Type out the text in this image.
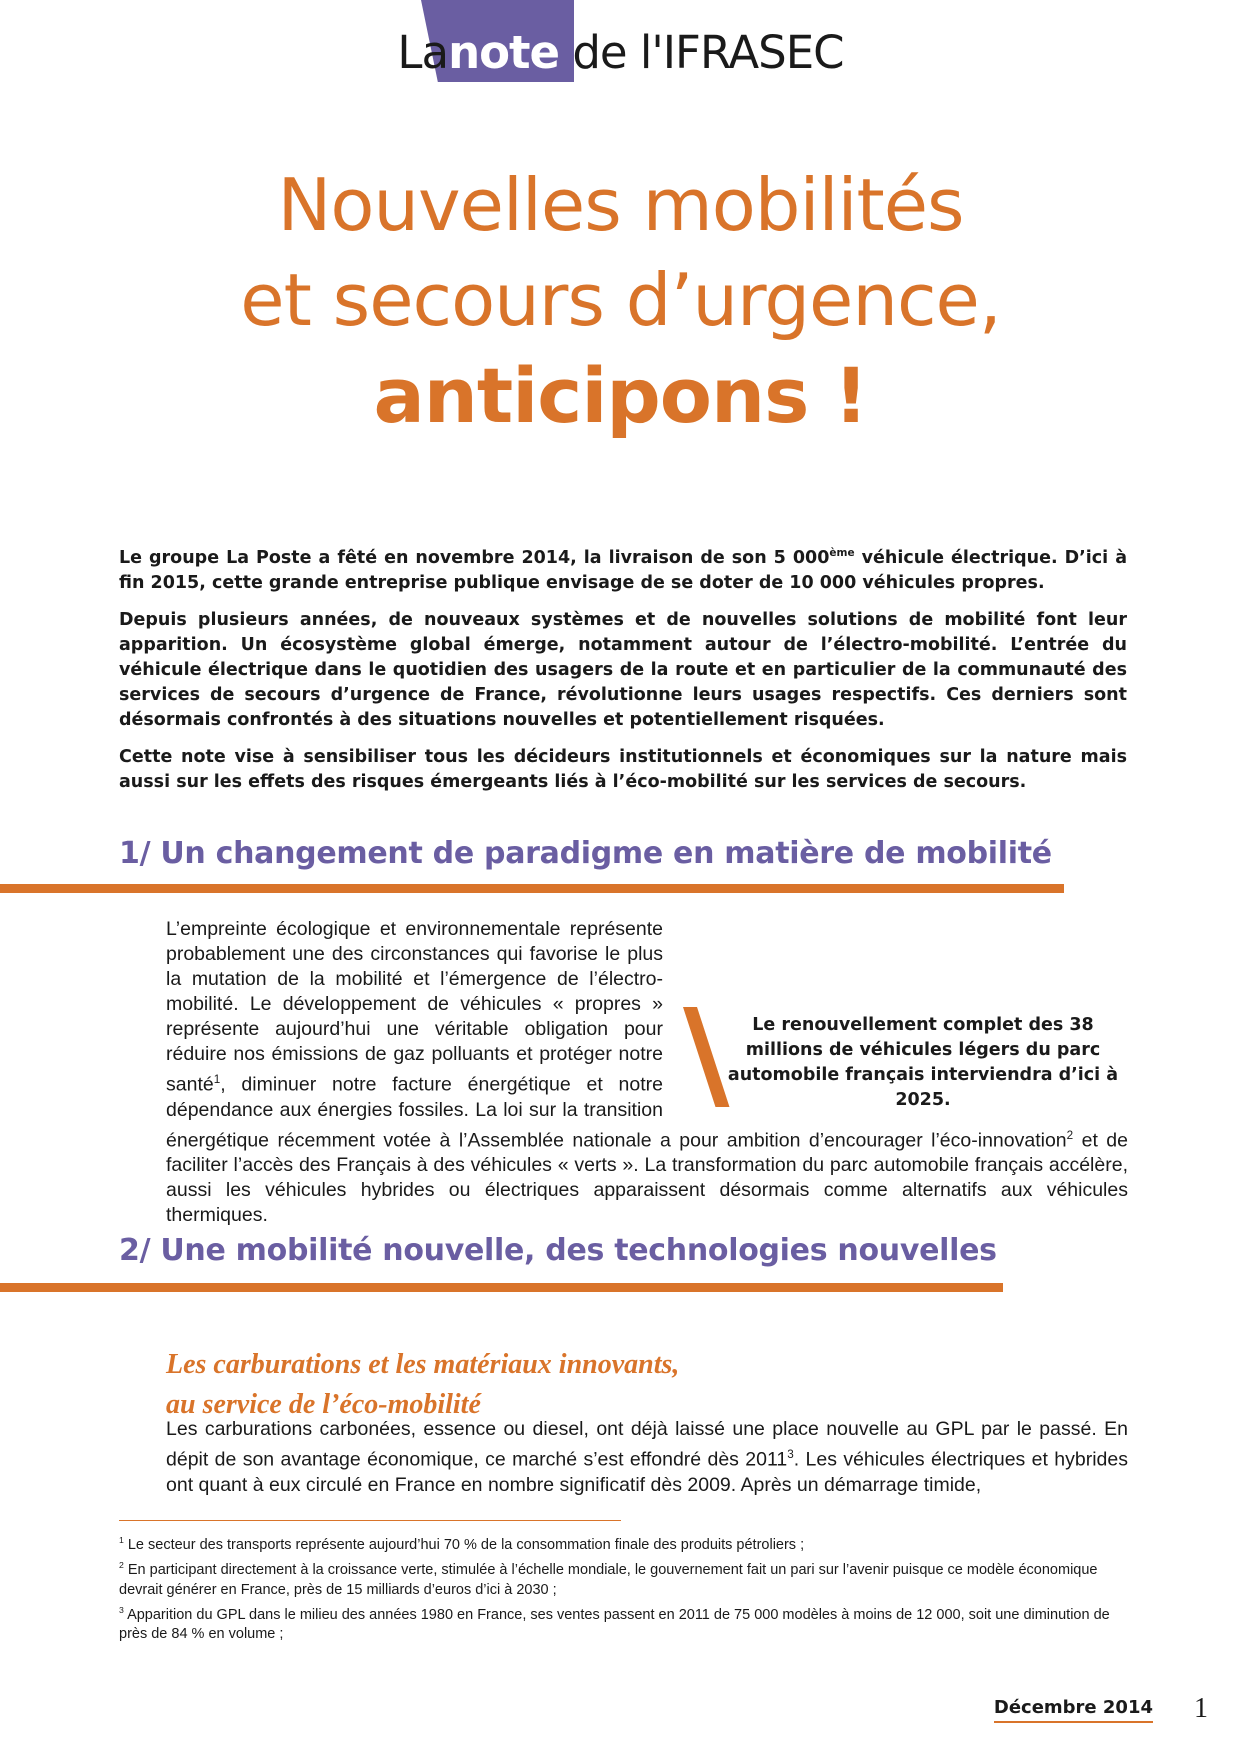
Lanote de l'IFRASEC
Nouvelles mobilités
et secours d’urgence,
anticipons !

Le groupe La Poste a fêté en novembre 2014, la livraison de son 5 000ème véhicule électrique. D’ici à fin 2015, cette grande entreprise publique envisage de se doter de 10 000 véhicules propres.

Depuis plusieurs années, de nouveaux systèmes et de nouvelles solutions de mobilité font leur apparition. Un écosystème global émerge, notamment autour de l’électro-mobilité. L’entrée du véhicule électrique dans le quotidien des usagers de la route et en particulier de la communauté des services de secours d’urgence de France, révolutionne leurs usages respectifs. Ces derniers sont désormais confrontés à des situations nouvelles et potentiellement risquées.

Cette note vise à sensibiliser tous les décideurs institutionnels et économiques sur la nature mais aussi sur les effets des risques émergeants liés à l’éco-mobilité sur les services de secours.

1/ Un changement de paradigme en matière de mobilité
Le renouvellement complet des 38 millions de véhicules légers du parc automobile français interviendra d’ici à 2025.

L’empreinte écologique et environnementale représente probablement une des circonstances qui favorise le plus la mutation de la mobilité et l’émergence de l’électro-mobilité. Le développement de véhicules « propres » représente aujourd’hui une véritable obligation pour réduire nos émissions de gaz polluants et protéger notre santé$^1$, diminuer notre facture énergétique et notre dépendance aux énergies fossiles. La loi sur la transition énergétique récemment votée à l’Assemblée nationale a pour ambition d’encourager l’éco-innovation$^2$ et de faciliter l’accès des Français à des véhicules « verts ». La transformation du parc automobile français accélère, aussi les véhicules hybrides ou électriques apparaissent désormais comme alternatifs aux véhicules thermiques.

2/ Une mobilité nouvelle, des technologies nouvelles
Les carburations et les matériaux innovants,
au service de l’éco-mobilité

Les carburations carbonées, essence ou diesel, ont déjà laissé une place nouvelle au GPL par le passé. En dépit de son avantage économique, ce marché s’est effondré dès 2011$^3$. Les véhicules électriques et hybrides ont quant à eux circulé en France en nombre significatif dès 2009. Après un démarrage timide,

$^1$ Le secteur des transports représente aujourd’hui 70 % de la consommation finale des produits pétroliers ;

$^2$ En participant directement à la croissance verte, stimulée à l’échelle mondiale, le gouvernement fait un pari sur l’avenir puisque ce modèle économique devrait générer en France, près de 15 milliards d’euros d’ici à 2030 ;

$^3$ Apparition du GPL dans le milieu des années 1980 en France, ses ventes passent en 2011 de 75 000 modèles à moins de 12 000, soit une diminution de près de 84 % en volume ;

Décembre 2014 1
